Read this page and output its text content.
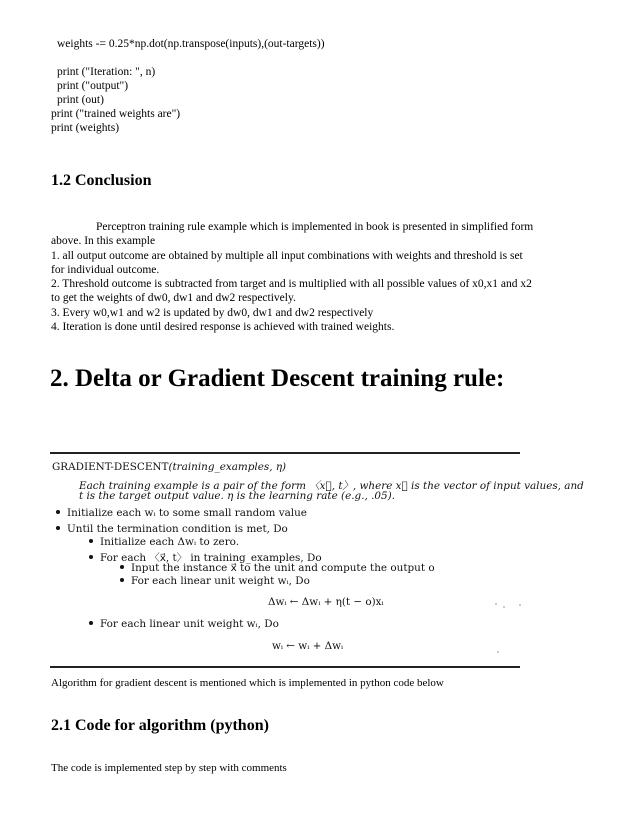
weights -= 0.25*np.dot(np.transpose(inputs),(out-targets))
print ("Iteration: ", n)
print ("output")
print (out)
print ("trained weights are")
print (weights)
1.2 Conclusion
Perceptron training rule example which is implemented in book is presented in simplified form
above. In this example
1. all output outcome are obtained by multiple all input combinations with weights and threshold is set
for individual outcome.
2. Threshold outcome is subtracted from target and is multiplied with all possible values of x0,x1 and x2
to get the weights of dw0, dw1 and dw2 respectively.
3. Every w0,w1 and w2 is updated by dw0, dw1 and dw2 respectively
4. Iteration is done until desired response is achieved with trained weights.
2. Delta or Gradient Descent training rule:
GRADIENT-DESCENT(training_examples, η)
Each training example is a pair of the form 〈x⃗, t〉, where x⃗ is the vector of input values, and
t is the target output value. η is the learning rate (e.g., .05).
Initialize each wᵢ to some small random value
Until the termination condition is met, Do
Initialize each Δwᵢ to zero.
For each 〈x⃗, t〉 in training_examples, Do
Input the instance x⃗ to the unit and compute the output o
For each linear unit weight wᵢ, Do
Δwᵢ ← Δwᵢ + η(t − o)xᵢ
For each linear unit weight wᵢ, Do
wᵢ ← wᵢ + Δwᵢ
Algorithm for gradient descent is mentioned which is implemented in python code below
2.1 Code for algorithm (python)
The code is implemented step by step with comments
